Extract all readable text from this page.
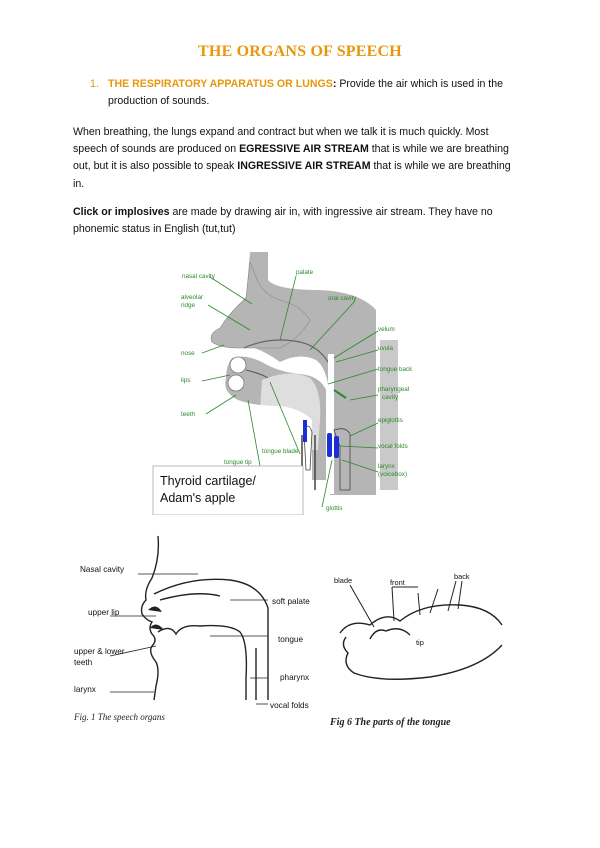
THE ORGANS OF SPEECH
1. THE RESPIRATORY APPARATUS OR LUNGS: Provide the air which is used in the
production of sounds.
When breathing, the lungs expand and contract but when we talk it is much quickly. Most
speech of sounds are produced on EGRESSIVE AIR STREAM that is while we are breathing
out, but it is also possible to speak INGRESSIVE AIR STREAM that is while we are breathing
in.
Click or implosives are made by drawing air in, with ingressive air stream. They have no
phonemic status in English (tut,tut)
nasal cavity
alveolar
ridge
nose
lips
teeth
tongue tip
tongue blade
palate
oral cavity
velum
uvula
tongue back
pharyngeal
cavity
epiglottis
vocal folds
larynx
(voicebox)
glottis
Thyroid cartilage/
Adam's apple
Nasal cavity
upper lip
upper & lower
teeth
larynx
soft palate
tongue
pharynx
vocal folds
Fig. 1 The speech organs
blade	front
back
tip
Fig 6 The parts of the tongue
